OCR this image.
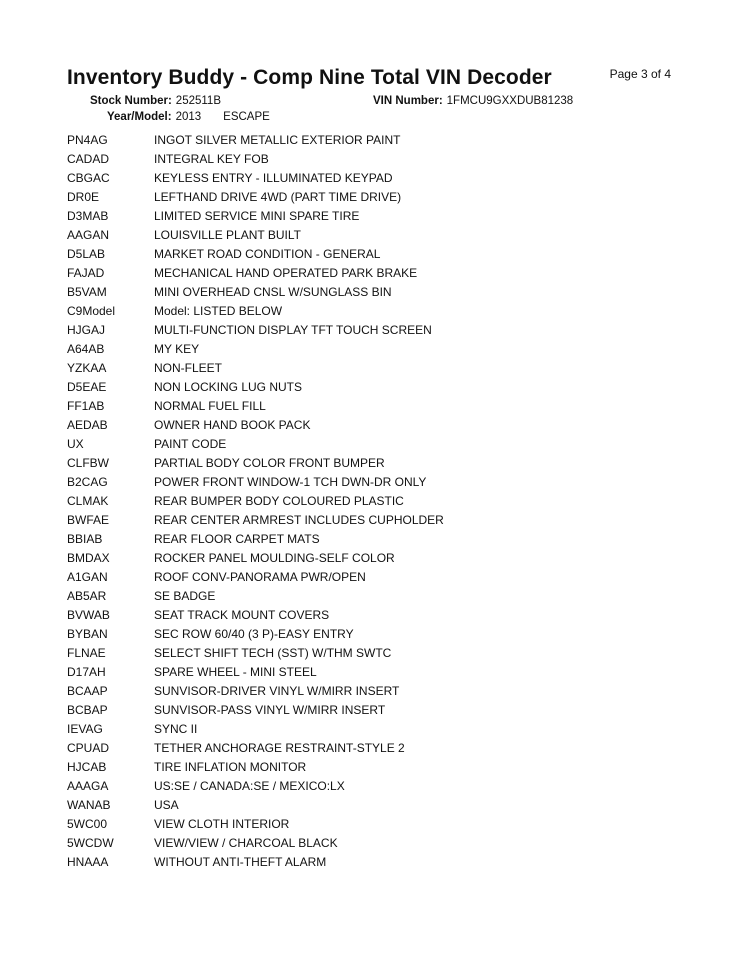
Inventory Buddy - Comp Nine Total VIN Decoder	Page 3 of 4
Stock Number: 252511B	VIN Number: 1FMCU9GXXDUB81238
Year/Model: 2013 ESCAPE
PN4AG	INGOT SILVER METALLIC EXTERIOR PAINT
CADAD	INTEGRAL KEY FOB
CBGAC	KEYLESS ENTRY - ILLUMINATED KEYPAD
DR0E	LEFTHAND DRIVE 4WD (PART TIME DRIVE)
D3MAB	LIMITED SERVICE MINI SPARE TIRE
AAGAN	LOUISVILLE PLANT BUILT
D5LAB	MARKET ROAD CONDITION - GENERAL
FAJAD	MECHANICAL HAND OPERATED PARK BRAKE
B5VAM	MINI OVERHEAD CNSL W/SUNGLASS BIN
C9Model	Model: LISTED BELOW
HJGAJ	MULTI-FUNCTION DISPLAY TFT TOUCH SCREEN
A64AB	MY KEY
YZKAA	NON-FLEET
D5EAE	NON LOCKING LUG NUTS
FF1AB	NORMAL FUEL FILL
AEDAB	OWNER HAND BOOK PACK
UX	PAINT CODE
CLFBW	PARTIAL BODY COLOR FRONT BUMPER
B2CAG	POWER FRONT WINDOW-1 TCH DWN-DR ONLY
CLMAK	REAR BUMPER BODY COLOURED PLASTIC
BWFAE	REAR CENTER ARMREST INCLUDES CUPHOLDER
BBIAB	REAR FLOOR CARPET MATS
BMDAX	ROCKER PANEL MOULDING-SELF COLOR
A1GAN	ROOF CONV-PANORAMA PWR/OPEN
AB5AR	SE BADGE
BVWAB	SEAT TRACK MOUNT COVERS
BYBAN	SEC ROW 60/40 (3 P)-EASY ENTRY
FLNAE	SELECT SHIFT TECH (SST) W/THM SWTC
D17AH	SPARE WHEEL - MINI STEEL
BCAAP	SUNVISOR-DRIVER VINYL W/MIRR INSERT
BCBAP	SUNVISOR-PASS VINYL W/MIRR INSERT
IEVAG	SYNC II
CPUAD	TETHER ANCHORAGE RESTRAINT-STYLE 2
HJCAB	TIRE INFLATION MONITOR
AAAGA	US:SE / CANADA:SE / MEXICO:LX
WANAB	USA
5WC00	VIEW CLOTH INTERIOR
5WCDW	VIEW/VIEW / CHARCOAL BLACK
HNAAA	WITHOUT ANTI-THEFT ALARM
